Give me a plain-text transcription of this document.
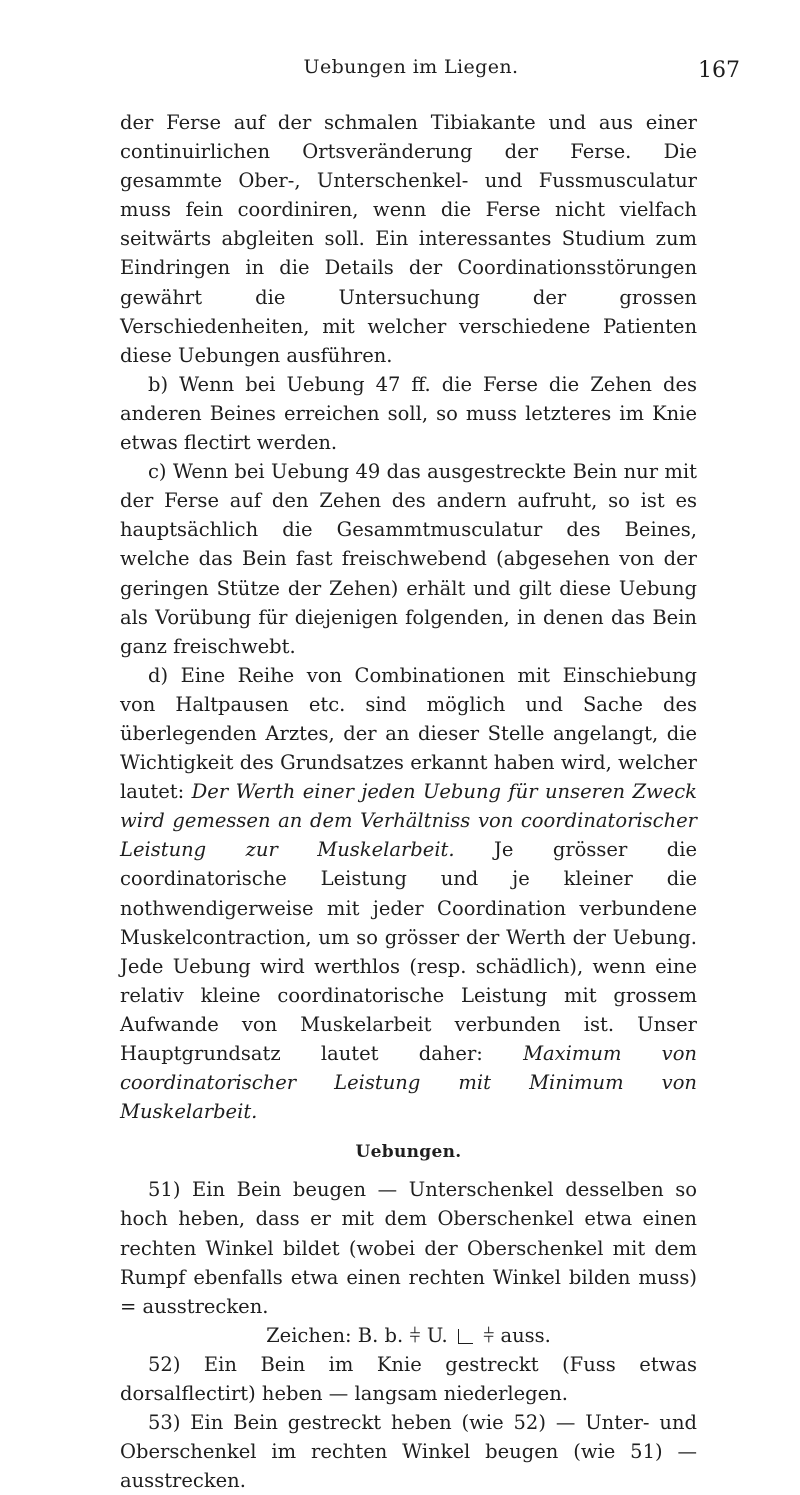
Uebungen im Liegen.	167

der Ferse auf der schmalen Tibiakante und aus einer continuirlichen Ortsveränderung der Ferse. Die gesammte Ober-, Unterschenkel- und Fussmusculatur muss fein coordiniren, wenn die Ferse nicht vielfach seitwärts abgleiten soll. Ein interessantes Studium zum Eindringen in die Details der Coordinationsstörungen gewährt die Untersuchung der grossen Verschiedenheiten, mit welcher verschiedene Patienten diese Uebungen ausführen.

b) Wenn bei Uebung 47 ff. die Ferse die Zehen des anderen Beines erreichen soll, so muss letzteres im Knie etwas flectirt werden.

c) Wenn bei Uebung 49 das ausgestreckte Bein nur mit der Ferse auf den Zehen des andern aufruht, so ist es hauptsächlich die Gesammtmusculatur des Beines, welche das Bein fast freischwebend (abgesehen von der geringen Stütze der Zehen) erhält und gilt diese Uebung als Vorübung für diejenigen folgenden, in denen das Bein ganz freischwebt.

d) Eine Reihe von Combinationen mit Einschiebung von Haltpausen etc. sind möglich und Sache des überlegenden Arztes, der an dieser Stelle angelangt, die Wichtigkeit des Grundsatzes erkannt haben wird, welcher lautet: Der Werth einer jeden Uebung für unseren Zweck wird gemessen an dem Verhältniss von coordinatorischer Leistung zur Muskelarbeit. Je grösser die coordinatorische Leistung und je kleiner die nothwendigerweise mit jeder Coordination verbundene Muskelcontraction, um so grösser der Werth der Uebung. Jede Uebung wird werthlos (resp. schädlich), wenn eine relativ kleine coordinatorische Leistung mit grossem Aufwande von Muskelarbeit verbunden ist. Unser Hauptgrundsatz lautet daher: Maximum von coordinatorischer Leistung mit Minimum von Muskelarbeit.

Uebungen.

51) Ein Bein beugen — Unterschenkel desselben so hoch heben, dass er mit dem Oberschenkel etwa einen rechten Winkel bildet (wobei der Oberschenkel mit dem Rumpf ebenfalls etwa einen rechten Winkel bilden muss) = ausstrecken.

Zeichen: B. b. ⫩ U. ⫩ auss.

52) Ein Bein im Knie gestreckt (Fuss etwas dorsalflectirt) heben — langsam niederlegen.

53) Ein Bein gestreckt heben (wie 52) — Unter- und Oberschenkel im rechten Winkel beugen (wie 51) — ausstrecken.
